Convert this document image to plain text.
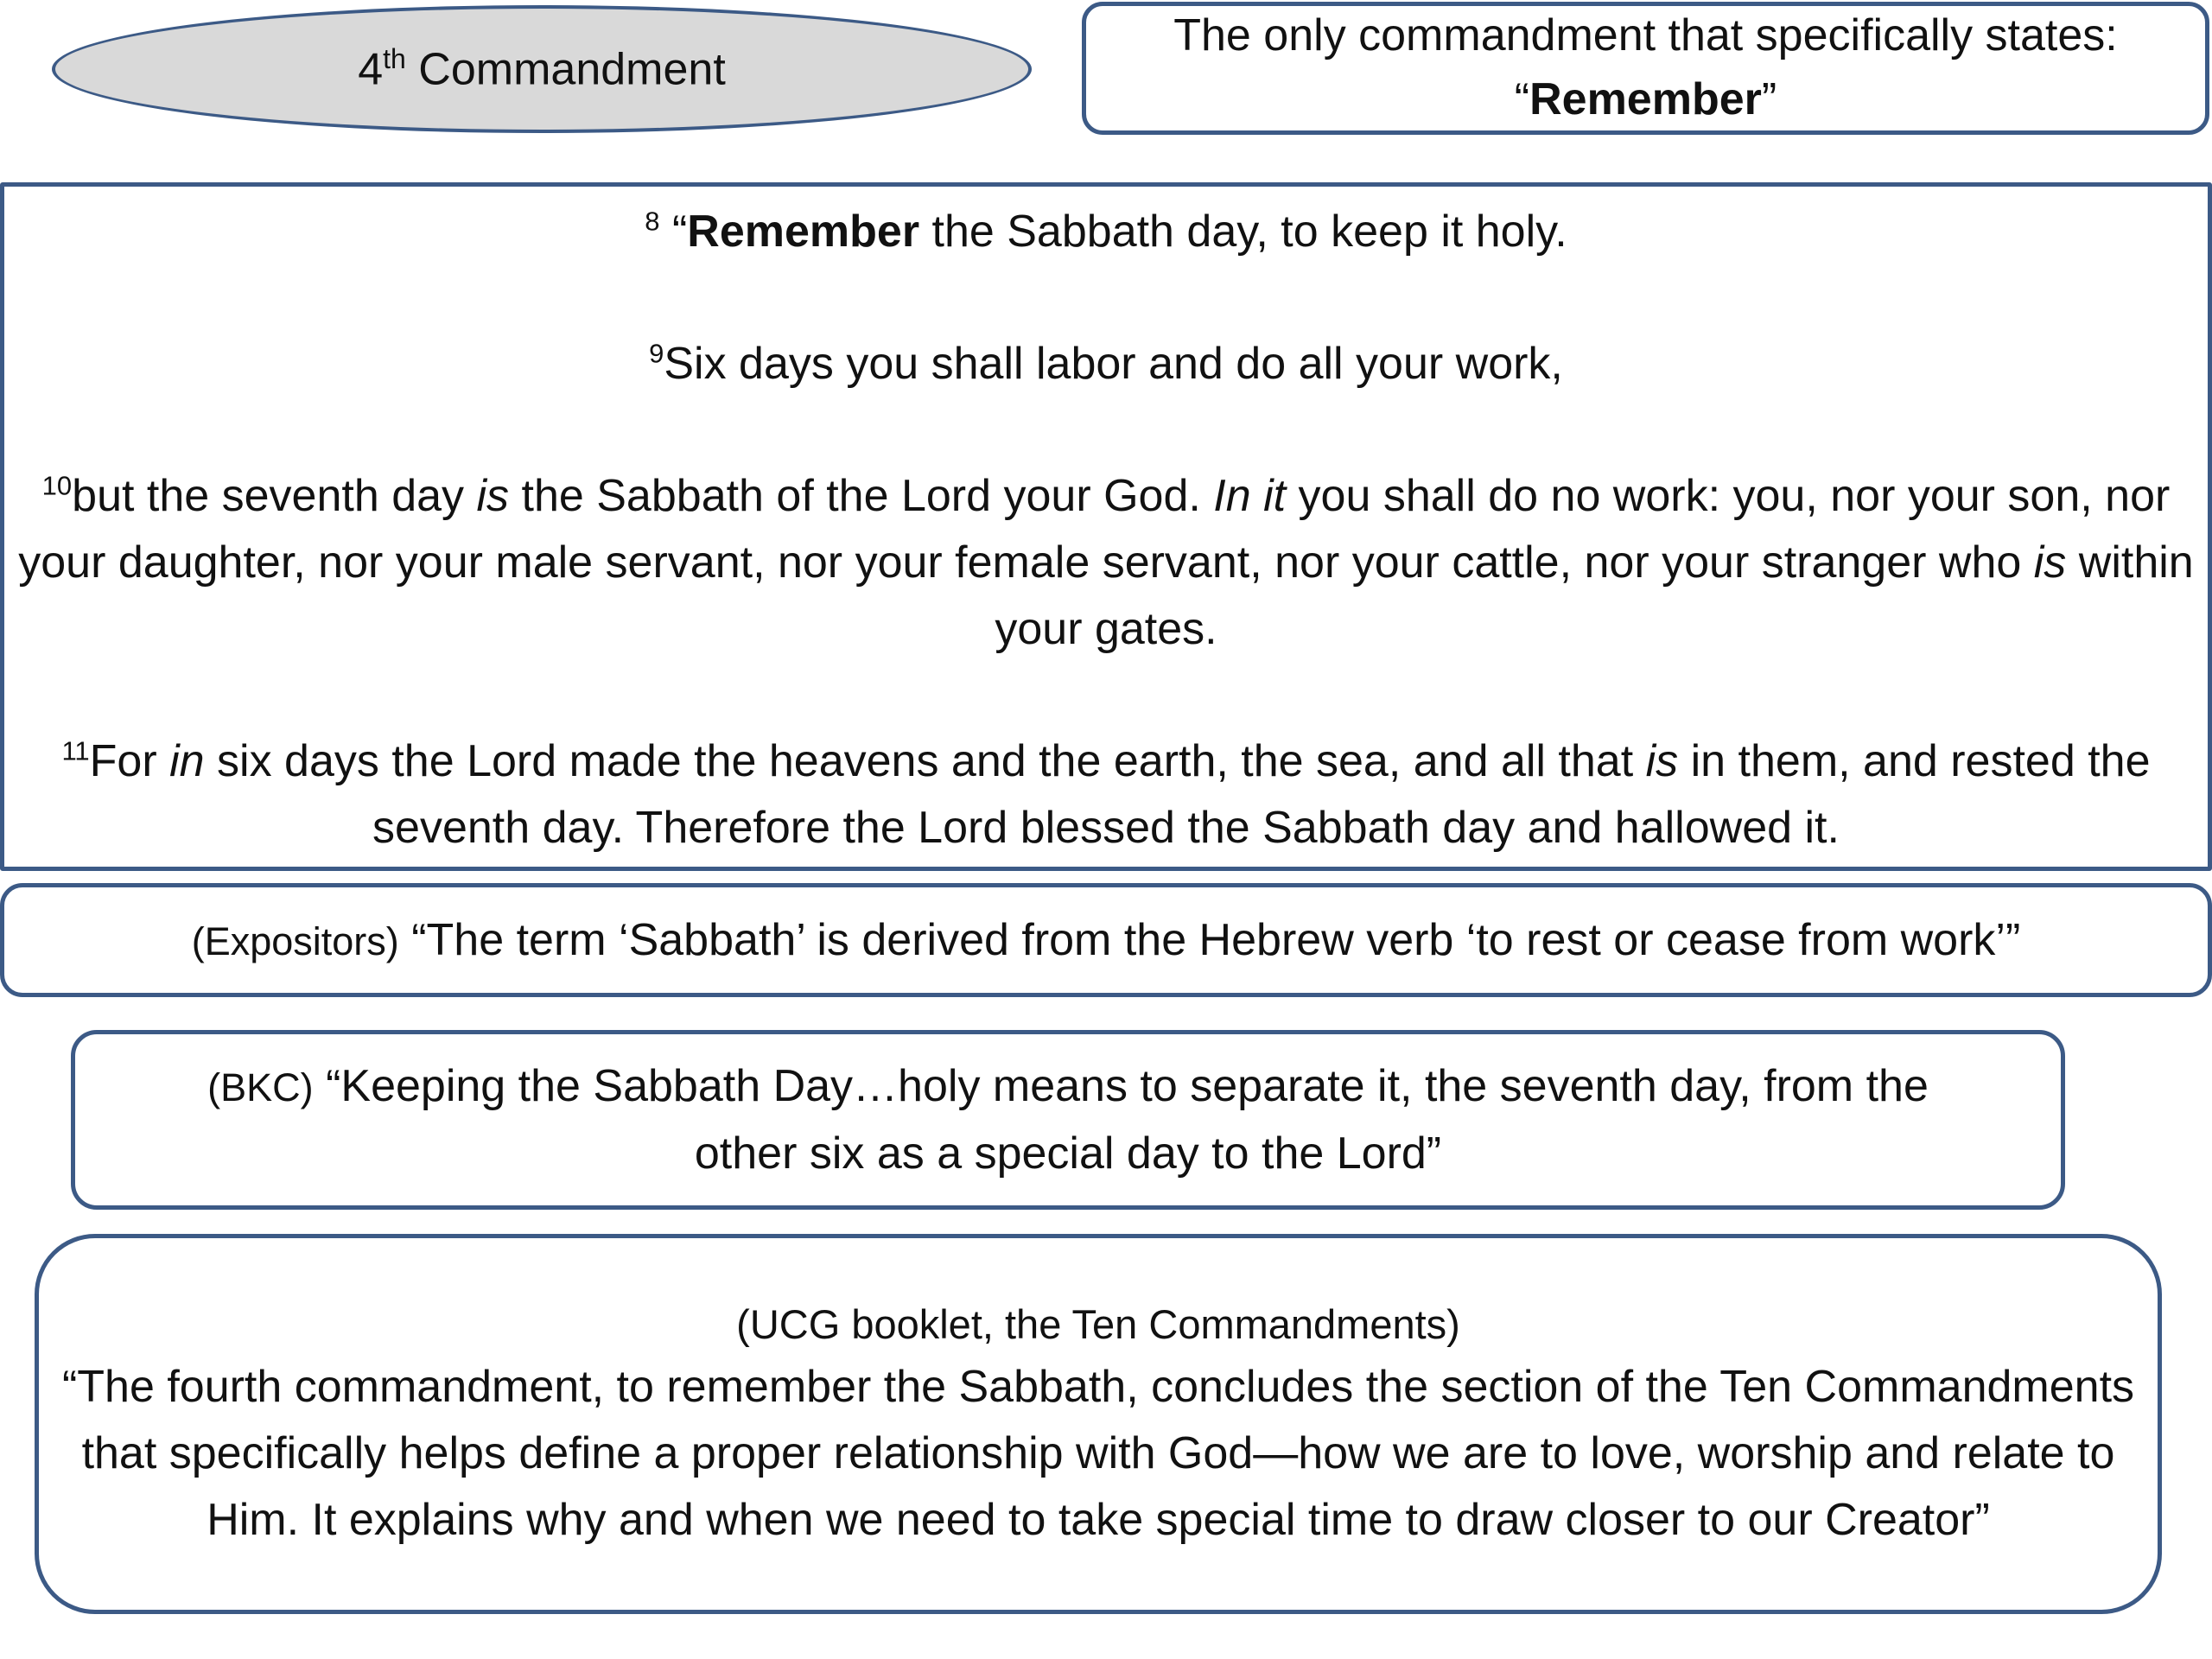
4th Commandment
The only commandment that specifically states:
“Remember”

$^8$ “Remember the Sabbath day, to keep it holy.

$^9$Six days you shall labor and do all your work,

$^{10}$but the seventh day is the Sabbath of the Lord your God. In it you shall do no work: you, nor your son, nor your daughter, nor your male servant, nor your female servant, nor your cattle, nor your stranger who is within your gates.

$^{11}$For in six days the Lord made the heavens and the earth, the sea, and all that is in them, and rested the seventh day. Therefore the Lord blessed the Sabbath day and hallowed it.

(Expositors) “The term ‘Sabbath’ is derived from the Hebrew verb ‘to rest or cease from work’”
(BKC) “Keeping the Sabbath Day…holy means to separate it, the seventh day, from the
other six as a special day to the Lord”
(UCG booklet, the Ten Commandments)
“The fourth commandment, to remember the Sabbath, concludes the section of the Ten Commandments that specifically helps define a proper relationship with God—how we are to love, worship and relate to Him. It explains why and when we need to take special time to draw closer to our Creator”
